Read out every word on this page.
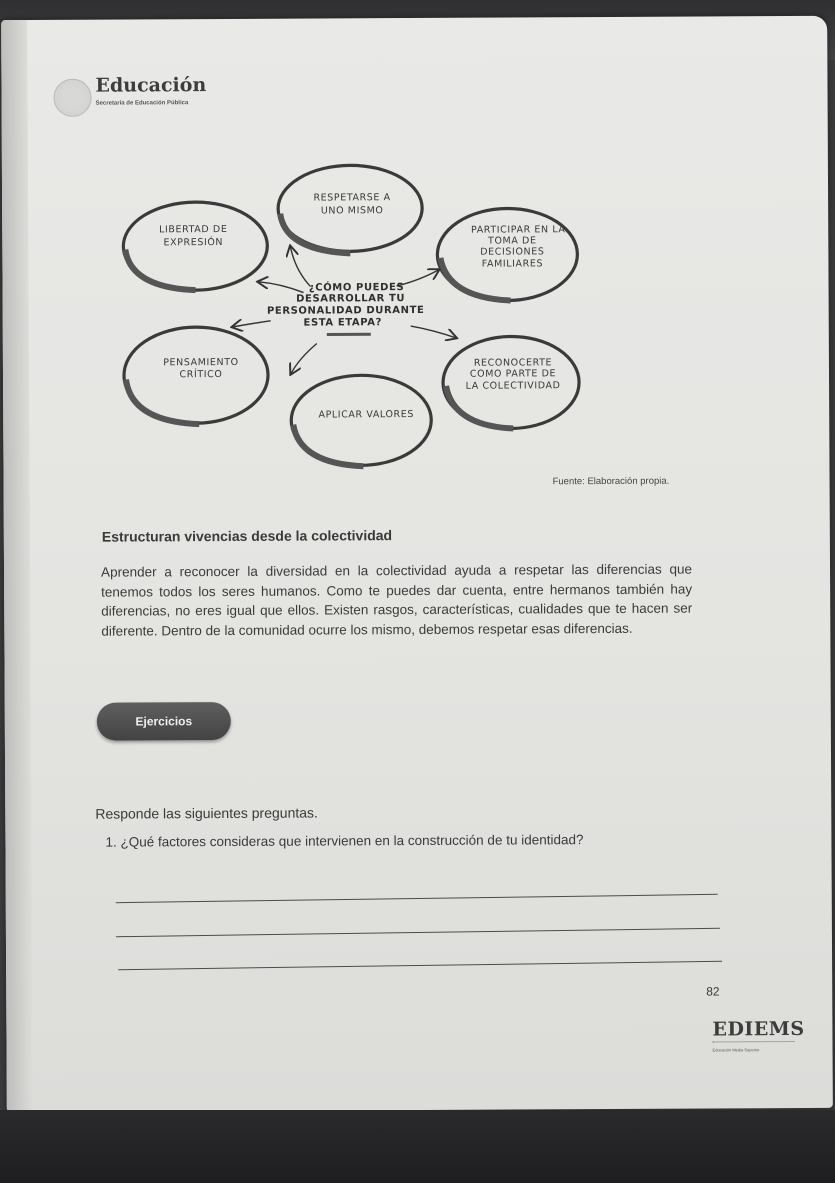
Educación
Secretaría de Educación Pública
RESPETARSE A
UNO MISMO
LIBERTAD DE
EXPRESIÓN
PARTICIPAR EN LA
TOMA DE
DECISIONES
FAMILIARES
PENSAMIENTO
CRÍTICO
RECONOCERTE
COMO PARTE DE
LA COLECTIVIDAD
APLICAR VALORES
¿CÓMO PUEDES
DESARROLLAR TU
PERSONALIDAD DURANTE
ESTA ETAPA?
Fuente: Elaboración propia.
Estructuran vivencias desde la colectividad
Aprender a reconocer la diversidad en la colectividad ayuda a respetar las diferencias que tenemos todos los seres humanos. Como te puedes dar cuenta, entre hermanos también hay diferencias, no eres igual que ellos. Existen rasgos, características, cualidades que te hacen ser diferente. Dentro de la comunidad ocurre los mismo, debemos respetar esas diferencias.
Ejercicios
Responde las siguientes preguntas.
1. ¿Qué factores consideras que intervienen en la construcción de tu identidad?
82
EDIEMS
Educación Media Superior
